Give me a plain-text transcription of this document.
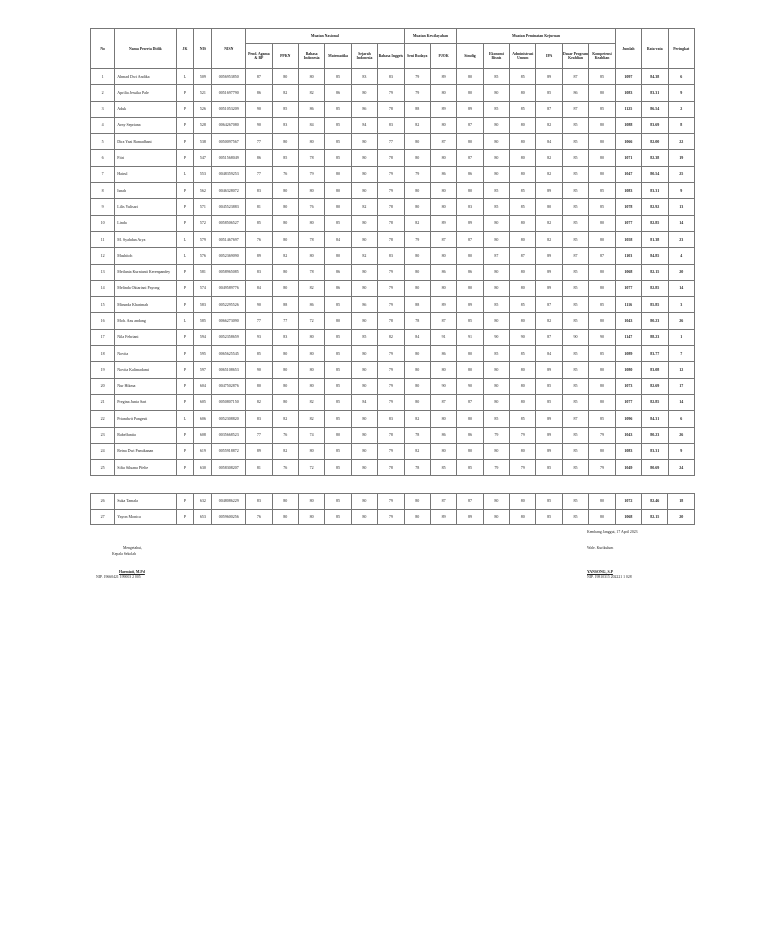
No	Nama Peserta Didik	JK	NIS	NISN	Muatan Nasional						Muatan Kewilayahan		Muatan Peminatan Kejuruan						Jumlah	Rata-rata	Peringkat
					Pend. Agama & BP	PPKN	Bahasa Indonesia	Matematika	Sejarah Indonesia	Bahasa Inggris	Seni Budaya	PJOK	Simdig	Ekonomi Bisnis	Administrasi Umum	IPA	Dasar Program Keahlian	Kompetensi Keahlian			
1	Ahmad Dwi Andika	L	509	0056953850	87	80	80	85	83	83	79	89	80	85	85	89	87	85	1097	84.38	6
2	Aprilia Jessika Pale	P	521	0051697790	86	82	82	86	80	79	79	80	80	80	80	85	86	80	1083	83.31	9
3	Aduk	P	526	0051053209	90	85	86	85	86	78	88	89	89	85	85	87	87	85	1125	86.54	2
4	Arny Sepriana	P	528	0064267080	90	83	84	85	84	83	82	80	87	80	80	82	85	80	1088	83.69	8
5	Dira Yazi Ramadhani	P	538	0050097567	77	80	80	85	80	77	80	87	80	80	80	84	85	80	1066	82.00	22
6	Fitri	P	547	0051568049	86	85	78	85	80	78	80	80	87	80	80	82	85	80	1071	82.38	19
7	Hairul	L	553	0048359253	77	76	79	80	80	79	79	86	86	80	80	82	85	80	1047	80.54	25
8	Isnah	P	562	0046328072	83	80	80	80	80	79	80	80	80	85	85	89	85	85	1083	83.31	9
9	Lilis Yulisari	P	571	0045523883	81	80	76	80	82	78	80	80	83	85	85	80	85	85	1078	82.92	13
10	Linda	P	572	0058506527	85	80	80	85	80	78	82	89	89	80	80	82	85	80	1077	82.85	14
11	M. Syahdan Arya	L	579	0051467697	76	80	78	84	80	78	79	87	87	80	80	82	85	80	1058	81.38	23
12	Mashitoh	L	576	0052369090	89	82	80	80	82	83	80	80	80	87	87	89	87	87	1103	84.85	4
13	Meilania Kurnianti Kerenpandey	P	581	0058965085	83	80	78	86	80	79	80	86	86	80	80	89	85	80	1068	82.15	20
14	Melinda Oktarisni Payong	P	574	0049589776	84	80	82	86	80	79	80	80	80	80	80	89	85	80	1077	82.85	14
15	Mirunda Kharimah	P	583	0052295526	90	88	86	85	86	79	88	89	89	85	85	87	85	85	1116	85.85	3
16	Moh. Azu andang	L	585	0066273090	77	77	72	80	80	78	78	87	85	80	80	82	85	80	1043	80.23	26
17	Nila Febriani	P	594	0052358659	93	83	80	85	85	82	84	91	91	90	90	87	90	90	1147	88.23	1
18	Novita	P	595	0065625545	85	80	80	85	80	79	80	86	80	85	85	84	85	85	1089	83.77	7
19	Novita Kalimadami	P	597	0065108653	90	80	80	85	80	79	80	80	80	80	80	89	85	80	1080	83.08	12
20	Nur Hikma	P	604	0047502876	80	80	80	85	80	79	80	90	90	80	80	85	85	80	1073	82.69	17
21	Pregina Junia Sari	P	605	0050807150	82	80	82	85	84	79	80	87	87	80	80	85	85	80	1077	82.85	14
22	Priandwit Pangesti	L	606	0052308820	83	82	82	85	80	83	82	80	80	85	85	89	87	85	1096	84.31	6
23	Rabelfantia	P	608	0035668523	77	76	74	80	80	78	78	86	86	79	79	89	85	79	1043	80.23	26
24	Reina Dwi Pamikanan	P	619	0055918872	89	82	80	85	80	79	82	80	80	80	80	89	85	80	1083	83.31	9
25	Sifia Siluana Pfelte	P	630	0058308207	81	76	72	85	80	78	78	85	85	79	79	85	85	79	1049	80.69	24
26	Suka Tamala	P	632	0048086229	83	80	80	85	80	79	80	87	87	80	80	85	85	80	1072	82.46	18
27	Yayon Monica	P	653	0059600256	76	80	80	85	80	79	80	89	89	80	80	85	85	80	1068	82.15	20
Kembang Janggut, 17 April 2023
Mengetahui,
Kepala Sekolah
Wale. Kurikulum
Harmiati, M.Pd
NIP. 19660421 199003 2 005
YANSONG, S.P
NIP. 19810315 202221 1 028
